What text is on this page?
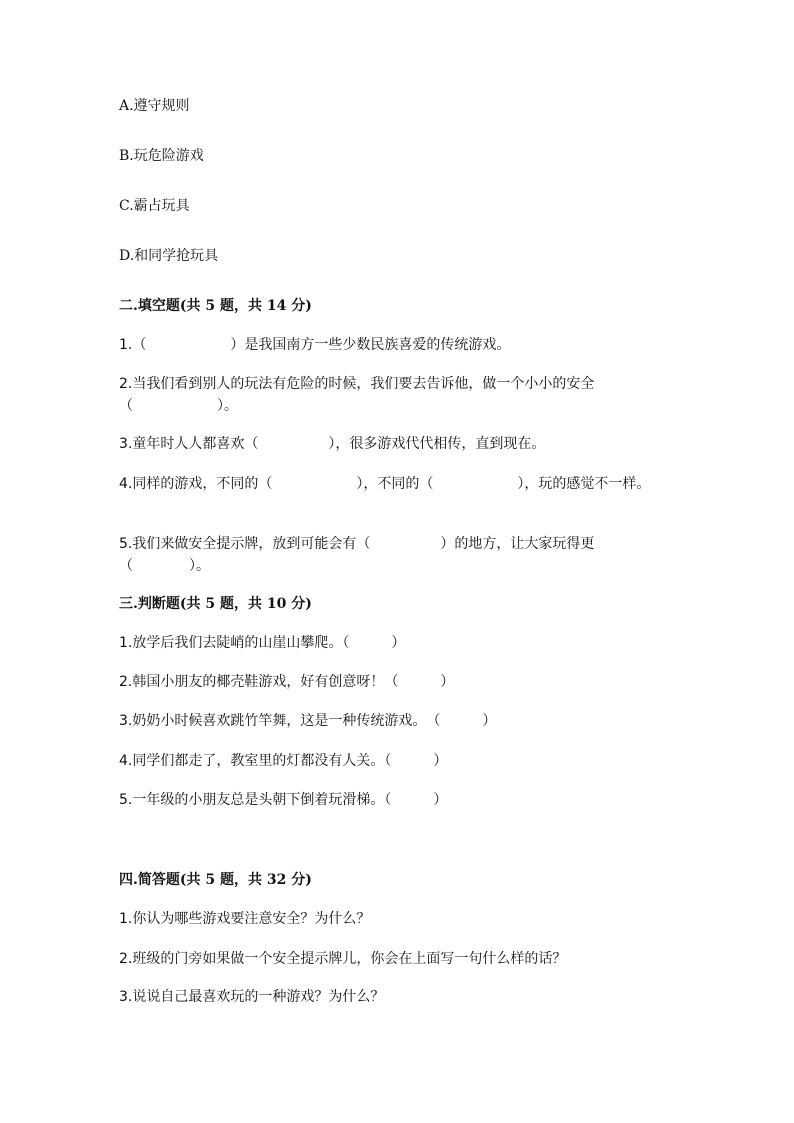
A.遵守规则
B.玩危险游戏
C.霸占玩具
D.和同学抢玩具
二.填空题(共 5 题，共 14 分)
1.（　　　　　　）是我国南方一些少数民族喜爱的传统游戏。
2.当我们看到别人的玩法有危险的时候，我们要去告诉他，做一个小小的安全（　　　　　　）。
3.童年时人人都喜欢（　　　　　），很多游戏代代相传，直到现在。
4.同样的游戏，不同的（　　　　　　），不同的（　　　　　　），玩的感觉不一样。
5.我们来做安全提示牌，放到可能会有（　　　　　）的地方，让大家玩得更（　　　　）。
三.判断题(共 5 题，共 10 分)
1.放学后我们去陡峭的山崖山攀爬。（　　　）
2.韩国小朋友的椰壳鞋游戏，好有创意呀！（　　　）
3.奶奶小时候喜欢跳竹竿舞，这是一种传统游戏。　（　　　）
4.同学们都走了，教室里的灯都没有人关。（　　　）
5.一年级的小朋友总是头朝下倒着玩滑梯。（　　　）
四.简答题(共 5 题，共 32 分)
1.你认为哪些游戏要注意安全？为什么？
2.班级的门旁如果做一个安全提示牌儿，你会在上面写一句什么样的话？
3.说说自己最喜欢玩的一种游戏？为什么？
